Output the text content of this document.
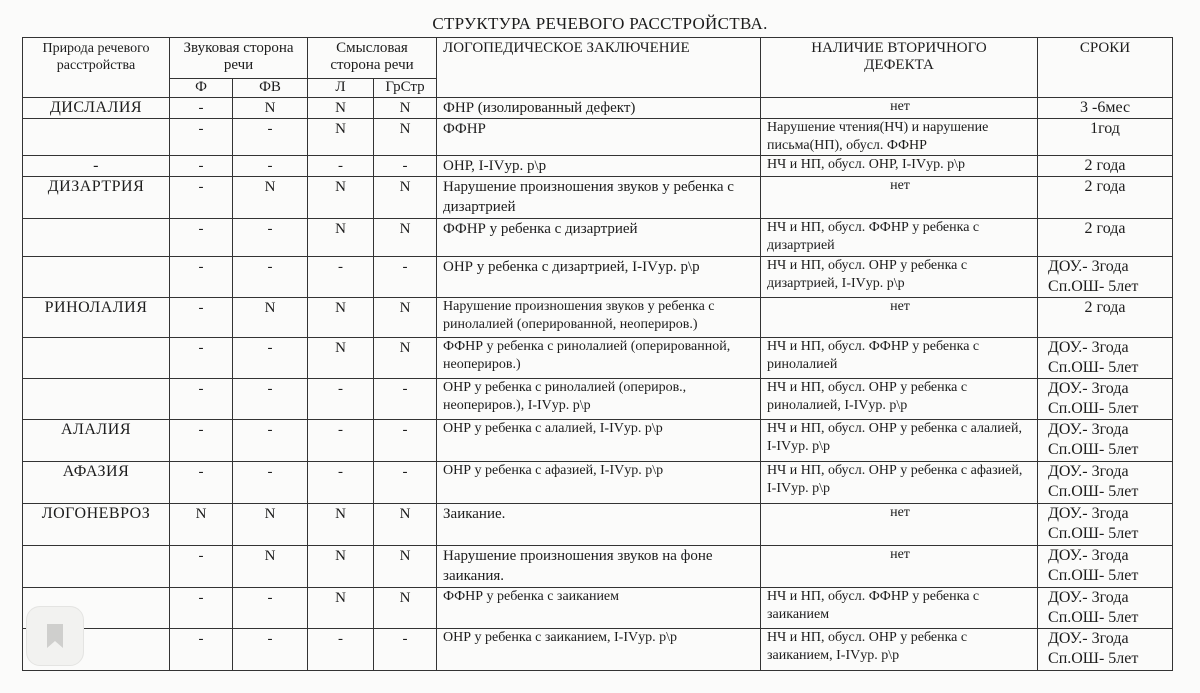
СТРУКТУРА РЕЧЕВОГО РАССТРОЙСТВА.
Природа речевого расстройства	Звуковая сторона речи		Смысловая сторона речи		ЛОГОПЕДИЧЕСКОЕ ЗАКЛЮЧЕНИЕ	НАЛИЧИЕ ВТОРИЧНОГО ДЕФЕКТА	СРОКИ
	Ф	ФВ	Л	ГрСтр			
ДИСЛАЛИЯ	-	N	N	N	ФНР (изолированный дефект)	нет	3 -6мес
	-	-	N	N	ФФНР	Нарушение чтения(НЧ) и нарушение письма(НП), обусл. ФФНР	1год
-	-	-	-	-	ОНР, I-IVур. р\р	НЧ и НП, обусл. ОНР, I-IVур. р\р	2 года
ДИЗАРТРИЯ	-	N	N	N	Нарушение произношения звуков у ребенка с дизартрией	нет	2 года
	-	-	N	N	ФФНР у ребенка с дизартрией	НЧ и НП, обусл. ФФНР у ребенка с дизартрией	2 года
	-	-	-	-	ОНР у ребенка с дизартрией, I-IVур. р\р	НЧ и НП, обусл. ОНР у ребенка с дизартрией, I-IVур. р\р	ДОУ.- 3года Сп.ОШ- 5лет
РИНОЛАЛИЯ	-	N	N	N	Нарушение произношения звуков у ребенка с ринолалией (оперированной, неопериров.)	нет	2 года
	-	-	N	N	ФФНР у ребенка с ринолалией (оперированной, неопериров.)	НЧ и НП, обусл. ФФНР у ребенка с ринолалией	ДОУ.- 3года Сп.ОШ- 5лет
	-	-	-	-	ОНР у ребенка с ринолалией (опериров., неопериров.), I-IVур. р\р	НЧ и НП, обусл. ОНР у ребенка с ринолалией, I-IVур. р\р	ДОУ.- 3года Сп.ОШ- 5лет
АЛАЛИЯ	-	-	-	-	ОНР у ребенка с алалией, I-IVур. р\р	НЧ и НП, обусл. ОНР у ребенка с алалией, I-IVур. р\р	ДОУ.- 3года Сп.ОШ- 5лет
АФАЗИЯ	-	-	-	-	ОНР у ребенка с афазией, I-IVур. р\р	НЧ и НП, обусл. ОНР у ребенка с афазией, I-IVур. р\р	ДОУ.- 3года Сп.ОШ- 5лет
ЛОГОНЕВРОЗ	N	N	N	N	Заикание.	нет	ДОУ.- 3года Сп.ОШ- 5лет
	-	N	N	N	Нарушение произношения звуков на фоне заикания.	нет	ДОУ.- 3года Сп.ОШ- 5лет
	-	-	N	N	ФФНР у ребенка с заиканием	НЧ и НП, обусл. ФФНР у ребенка с заиканием	ДОУ.- 3года Сп.ОШ- 5лет
	-	-	-	-	ОНР у ребенка с заиканием, I-IVур. р\р	НЧ и НП, обусл. ОНР у ребенка с заиканием, I-IVур. р\р	ДОУ.- 3года Сп.ОШ- 5лет
